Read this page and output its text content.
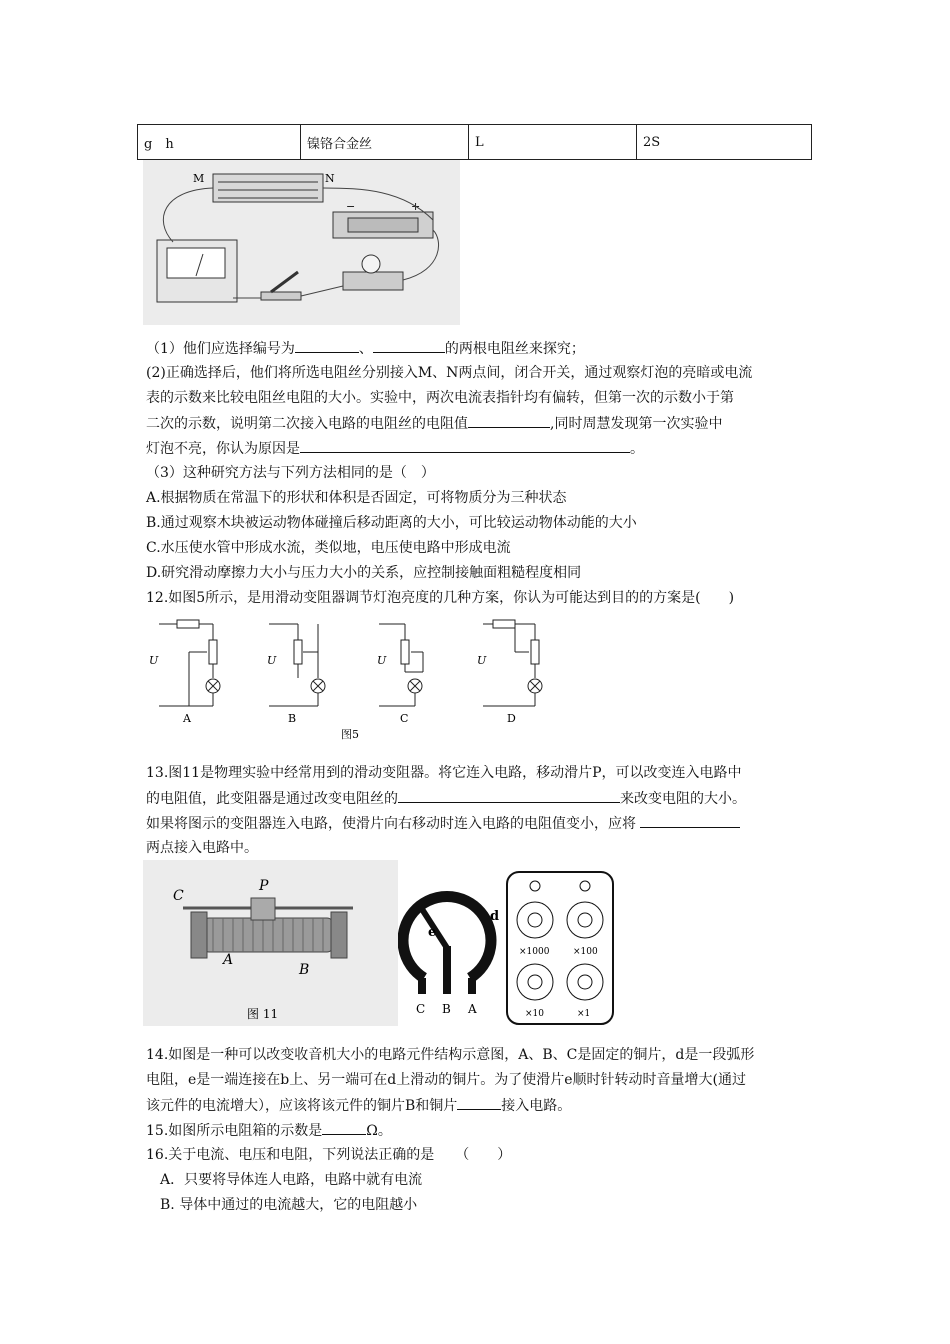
g　h	镍铬合金丝	L	2S
M	N
−	+
（1）他们应选择编号为	、	的两根电阻丝来探究；
(2)正确选择后，他们将所选电阻丝分别接入M、N两点间，闭合开关，通过观察灯泡的亮暗或电流
表的示数来比较电阻丝电阻的大小。实验中，两次电流表指针均有偏转，但第一次的示数小于第
二次的示数，说明第二次接入电路的电阻丝的电阻值	,同时周慧发现第一次实验中
灯泡不亮，你认为原因是	。
（3）这种研究方法与下列方法相同的是（　）
A.根据物质在常温下的形状和体积是否固定，可将物质分为三种状态
B.通过观察木块被运动物体碰撞后移动距离的大小，可比较运动物体动能的大小
C.水压使水管中形成水流，类似地，电压使电路中形成电流
D.研究滑动摩擦力大小与压力大小的关系，应控制接触面粗糙程度相同
12.如图5所示，是用滑动变阻器调节灯泡亮度的几种方案，你认为可能达到目的的方案是(　　)
U
A
U
B
U
C
U
D
图5
13.图11是物理实验中经常用到的滑动变阻器。将它连入电路，移动滑片P，可以改变连入电路中
的电阻值，此变阻器是通过改变电阻丝的	来改变电阻的大小。
如果将图示的变阻器连入电路，使滑片向右移动时连入电路的电阻值变小，应将
两点接入电路中。
C
P
A
B
图 11
d
e
C B A
×1000	×100
×10	×1
14.如图是一种可以改变收音机大小的电路元件结构示意图，A、B、C是固定的铜片，d是一段弧形
电阻，e是一端连接在b上、另一端可在d上滑动的铜片。为了使滑片e顺时针转动时音量增大(通过
该元件的电流增大），应该将该元件的铜片B和铜片	接入电路。
15.如图所示电阻箱的示数是	Ω。
16.关于电流、电压和电阻，下列说法正确的是　　（　　）
　A．只要将导体连人电路，电路中就有电流
　B. 导体中通过的电流越大，它的电阻越小
